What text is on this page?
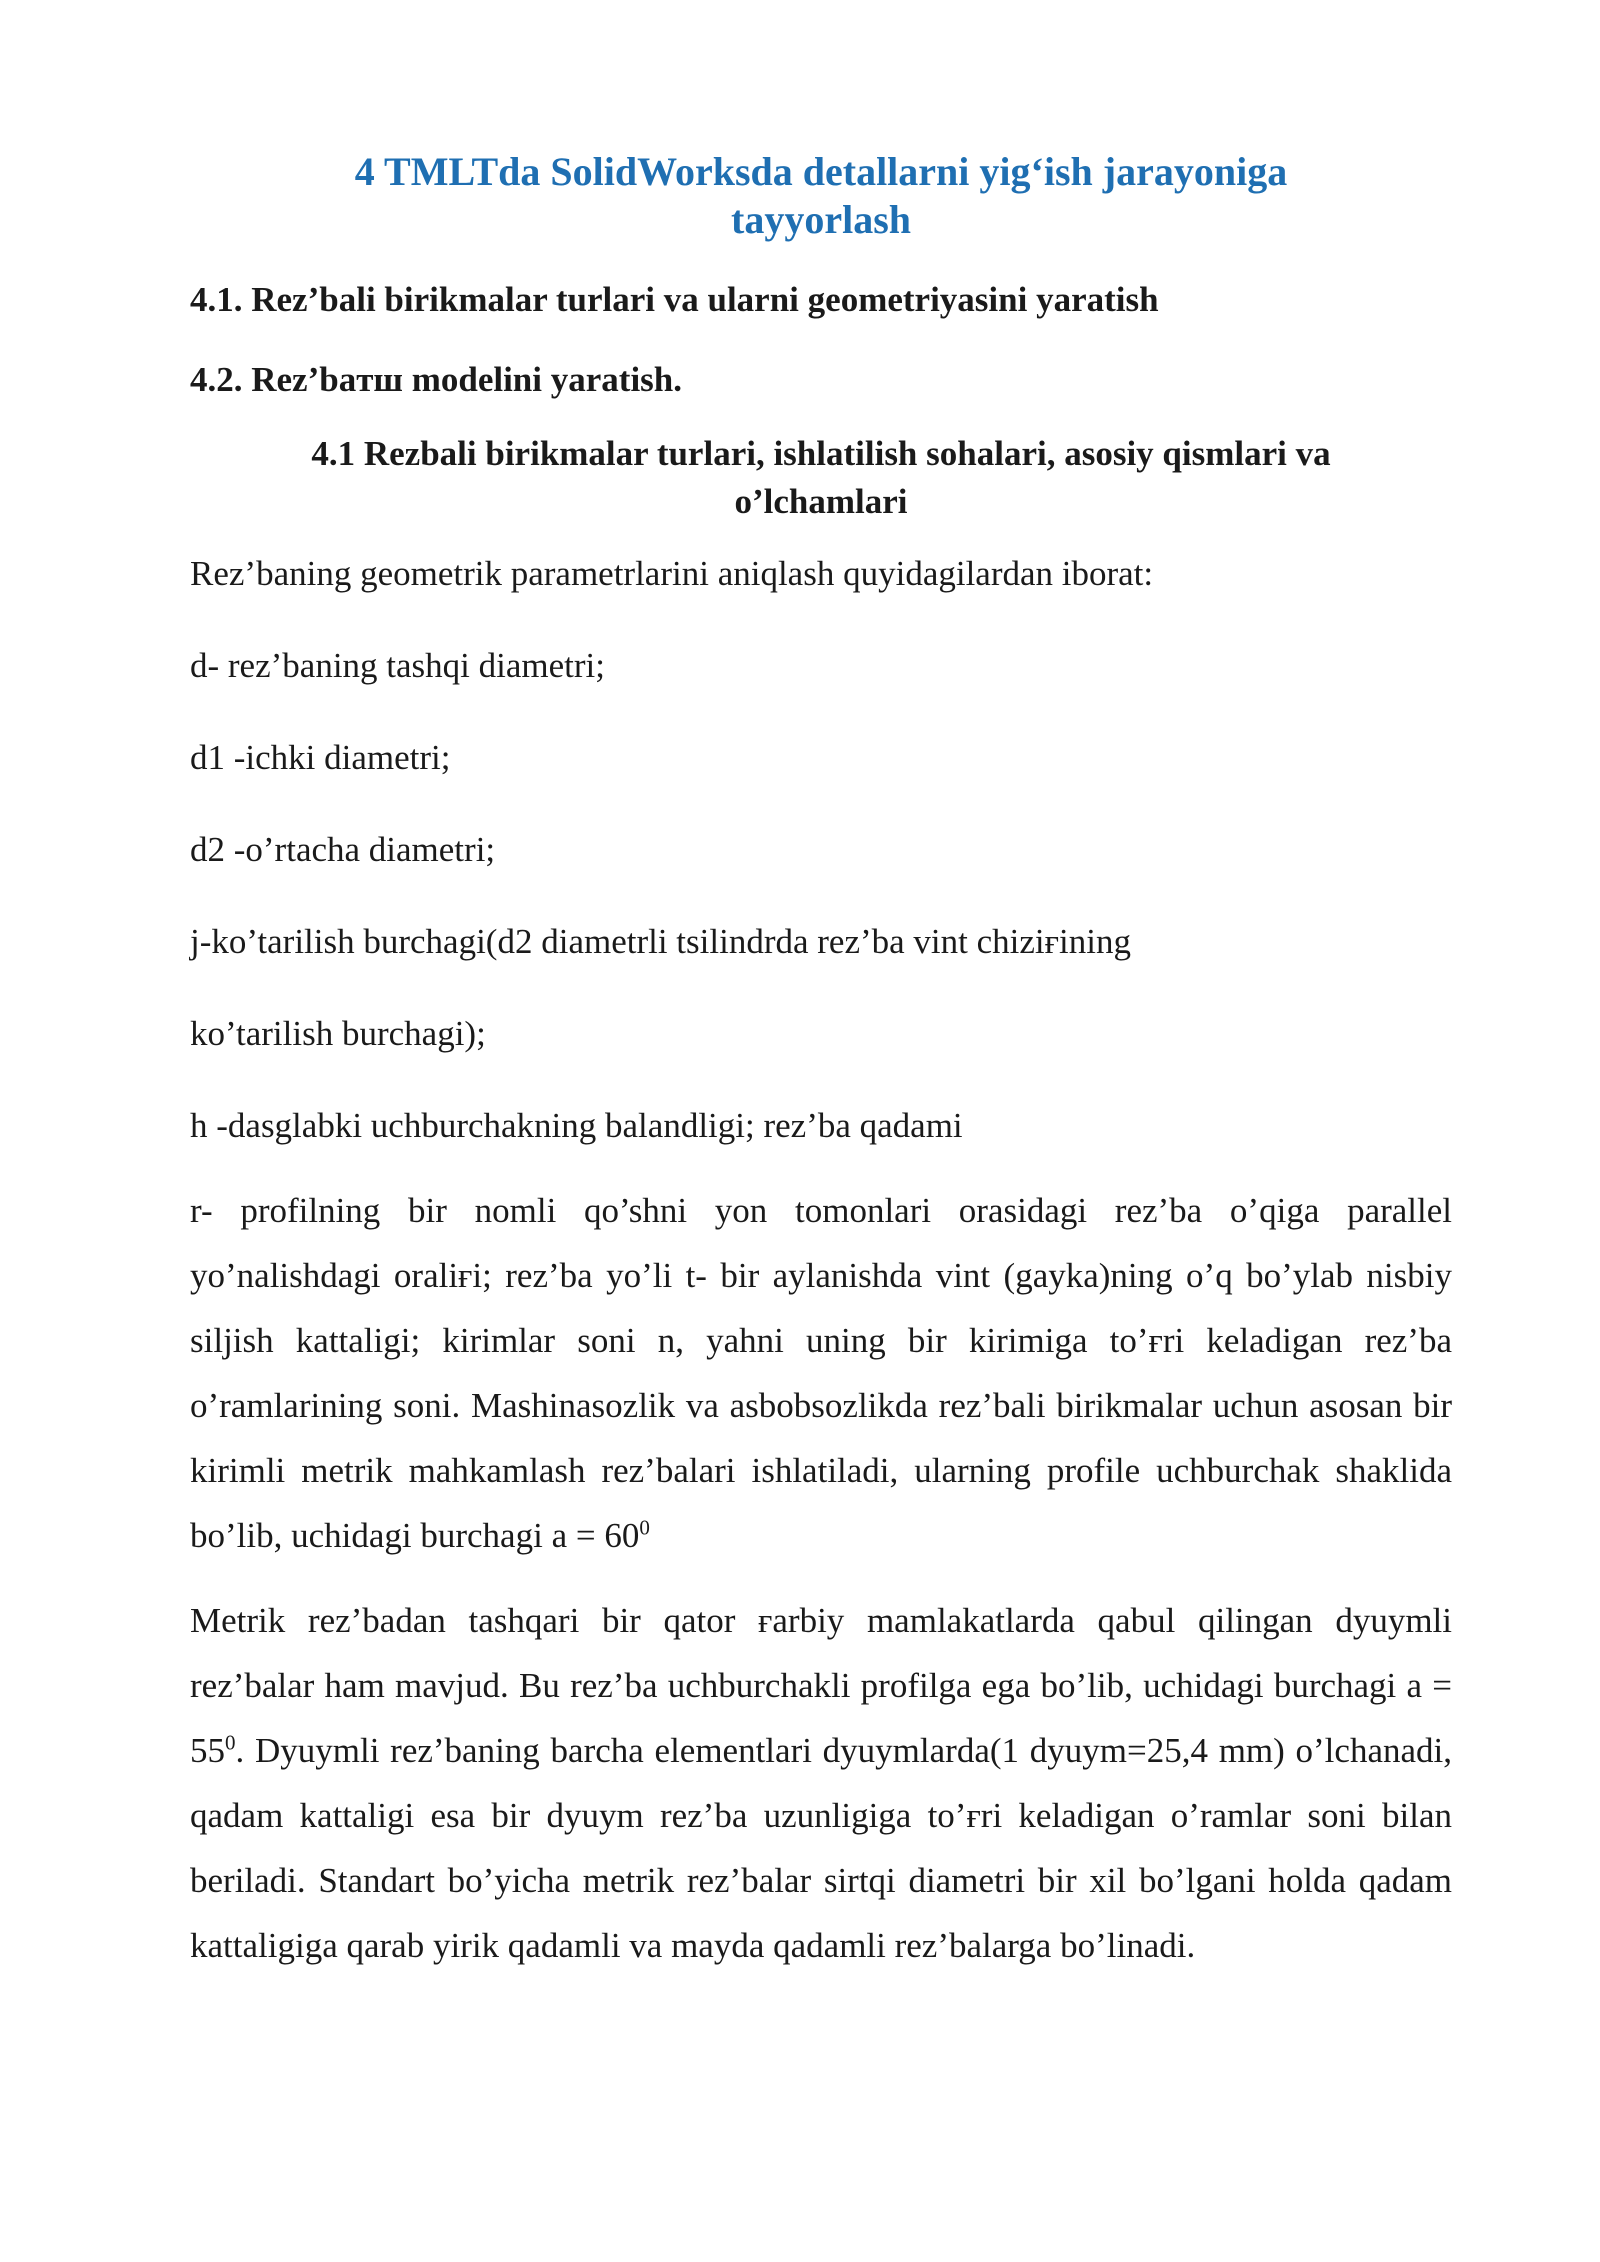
4 TMLTda SolidWorksda detallarni yig‘ish jarayoniga
tayyorlash
4.1. Rez’bali birikmalar turlari va ularni geometriyasini yaratish
4.2. Rez’baтш modelini yaratish.
4.1 Rezbali birikmalar turlari, ishlatilish sohalari, asosiy qismlari va
o’lchamlari
Rez’baning geometrik parametrlarini aniqlash quyidagilardan iborat:
d- rez’baning tashqi diametri;
d1 -ichki diametri;
d2 -o’rtacha diametri;
j-ko’tarilish burchagi(d2 diametrli tsilindrda rez’ba vint chiziғining
ko’tarilish burchagi);
h -dasglabki uchburchakning balandligi; rez’ba qadami
r- profilning bir nomli qo’shni yon tomonlari orasidagi rez’ba o’qiga parallel yo’nalishdagi oraliғi; rez’ba yo’li t- bir aylanishda vint (gayka)ning o’q bo’ylab nisbiy siljish kattaligi; kirimlar soni n, yahni uning bir kirimiga to’ғri keladigan rez’ba o’ramlarining soni. Mashinasozlik va asbobsozlikda rez’bali birikmalar uchun asosan bir kirimli metrik mahkamlash rez’balari ishlatiladi, ularning profile uchburchak shaklida bo’lib, uchidagi burchagi $a = 60^0$
Metrik rez’badan tashqari bir qator ғarbiy mamlakatlarda qabul qilingan dyuymli rez’balar ham mavjud. Bu rez’ba uchburchakli profilga ega bo’lib, uchidagi burchagi $a = 55^0$. Dyuymli rez’baning barcha elementlari dyuymlarda(1 dyuym=25,4 mm) o’lchanadi, qadam kattaligi esa bir dyuym rez’ba uzunligiga to’ғri keladigan o’ramlar soni bilan beriladi. Standart bo’yicha metrik rez’balar sirtqi diametri bir xil bo’lgani holda qadam kattaligiga qarab yirik qadamli va mayda qadamli rez’balarga bo’linadi.
